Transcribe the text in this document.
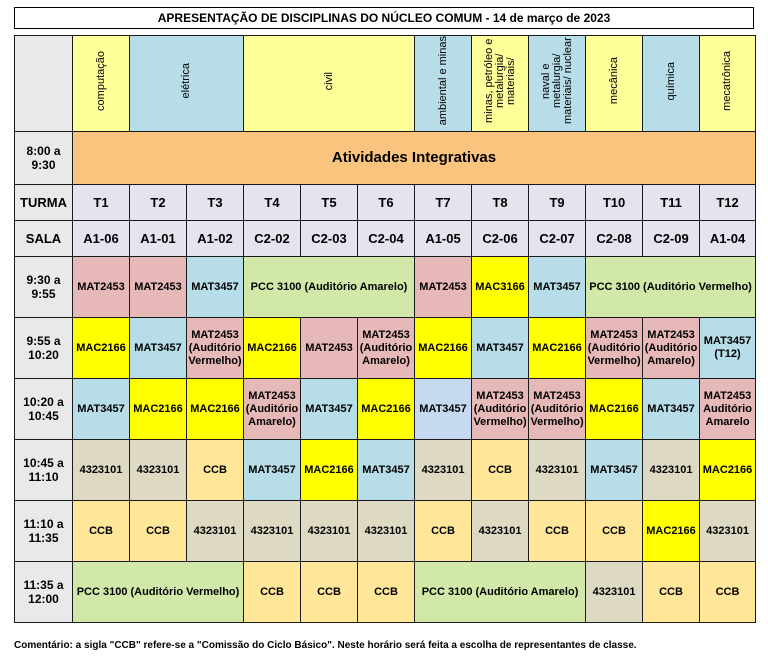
APRESENTAÇÃO DE DISCIPLINAS DO NÚCLEO COMUM - 14 de março de 2023
	computação	elétrica		civil			ambiental e minas	minas, petróleo e metalurgia/ materiais/	naval e metalurgia/ materiais/ nuclear	mecânica	química	mecatrônica	
8:00 a
9:30	Atividades Integrativas												
TURMA	T1	T2	T3	T4	T5	T6	T7	T8	T9	T10	T11	T12	
SALA	A1-06	A1-01	A1-02	C2-02	C2-03	C2-04	A1-05	C2-06	C2-07	C2-08	C2-09	A1-04	
9:30 a
9:55	MAT2453	MAT2453	MAT3457	PCC 3100 (Auditório Amarelo)			MAT2453	MAC3166	MAT3457	PCC 3100 (Auditório Vermelho)			
9:55 a
10:20	MAC2166	MAT3457	MAT2453
(Auditório
Vermelho)	MAC2166	MAT2453	MAT2453
(Auditório
Amarelo)	MAC2166	MAT3457	MAC2166	MAT2453
(Auditório
Vermelho)	MAT2453
(Auditório
Amarelo)	MAT3457
(T12)	
10:20 a
10:45	MAT3457	MAC2166	MAC2166	MAT2453
(Auditório
Amarelo)	MAT3457	MAC2166	MAT3457	MAT2453
(Auditório
Vermelho)	MAT2453
(Auditório
Vermelho)	MAC2166	MAT3457	MAT2453
Auditório
Amarelo	
10:45 a
11:10	4323101	4323101	CCB	MAT3457	MAC2166	MAT3457	4323101	CCB	4323101	MAT3457	4323101	MAC2166	
11:10 a
11:35	CCB	CCB	4323101	4323101	4323101	4323101	CCB	4323101	CCB	CCB	MAC2166	4323101	
11:35 a
12:00	PCC 3100 (Auditório Vermelho)			CCB	CCB	CCB	PCC 3100 (Auditório Amarelo)			4323101	CCB	CCB	
Comentário: a sigla "CCB" refere-se a "Comissão do Ciclo Básico". Neste horário será feita a escolha de representantes de classe.
